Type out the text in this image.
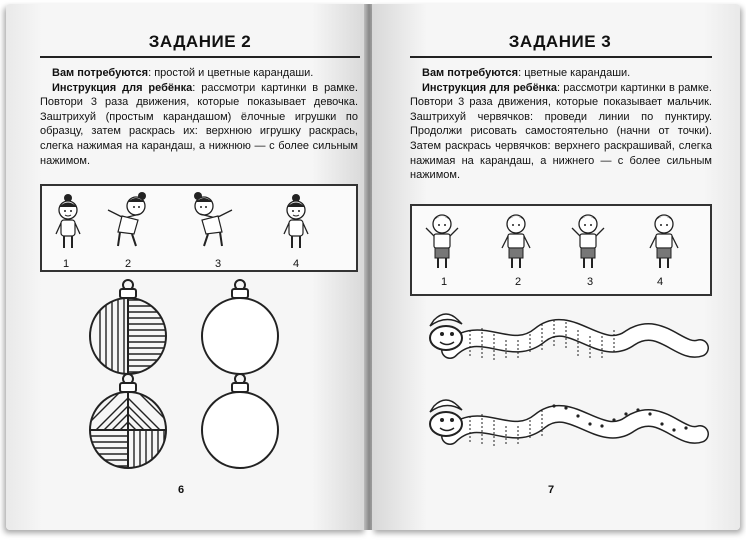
ЗАДАНИЕ 2
Вам потребуются: простой и цветные карандаши.
Инструкция для ребёнка: рассмотри картинки в рамке. Повтори 3 раза движения, которые показывает девочка. Заштрихуй (простым карандашом) ёлочные игрушки по образцу, затем раскрась их: верхнюю игрушку раскрась, слегка нажимая на карандаш, а нижнюю — с более сильным нажимом.
1	2	3	4
6
ЗАДАНИЕ 3
Вам потребуются: цветные карандаши.
Инструкция для ребёнка: рассмотри картинки в рамке. Повтори 3 раза движения, которые показывает мальчик. Заштрихуй червячков: проведи линии по пунктиру. Продолжи рисовать самостоятельно (начни от точки). Затем раскрась червячков: верхнего раскрашивай, слегка нажимая на карандаш, а нижнего — с более сильным нажимом.
1	2	3	4
7
